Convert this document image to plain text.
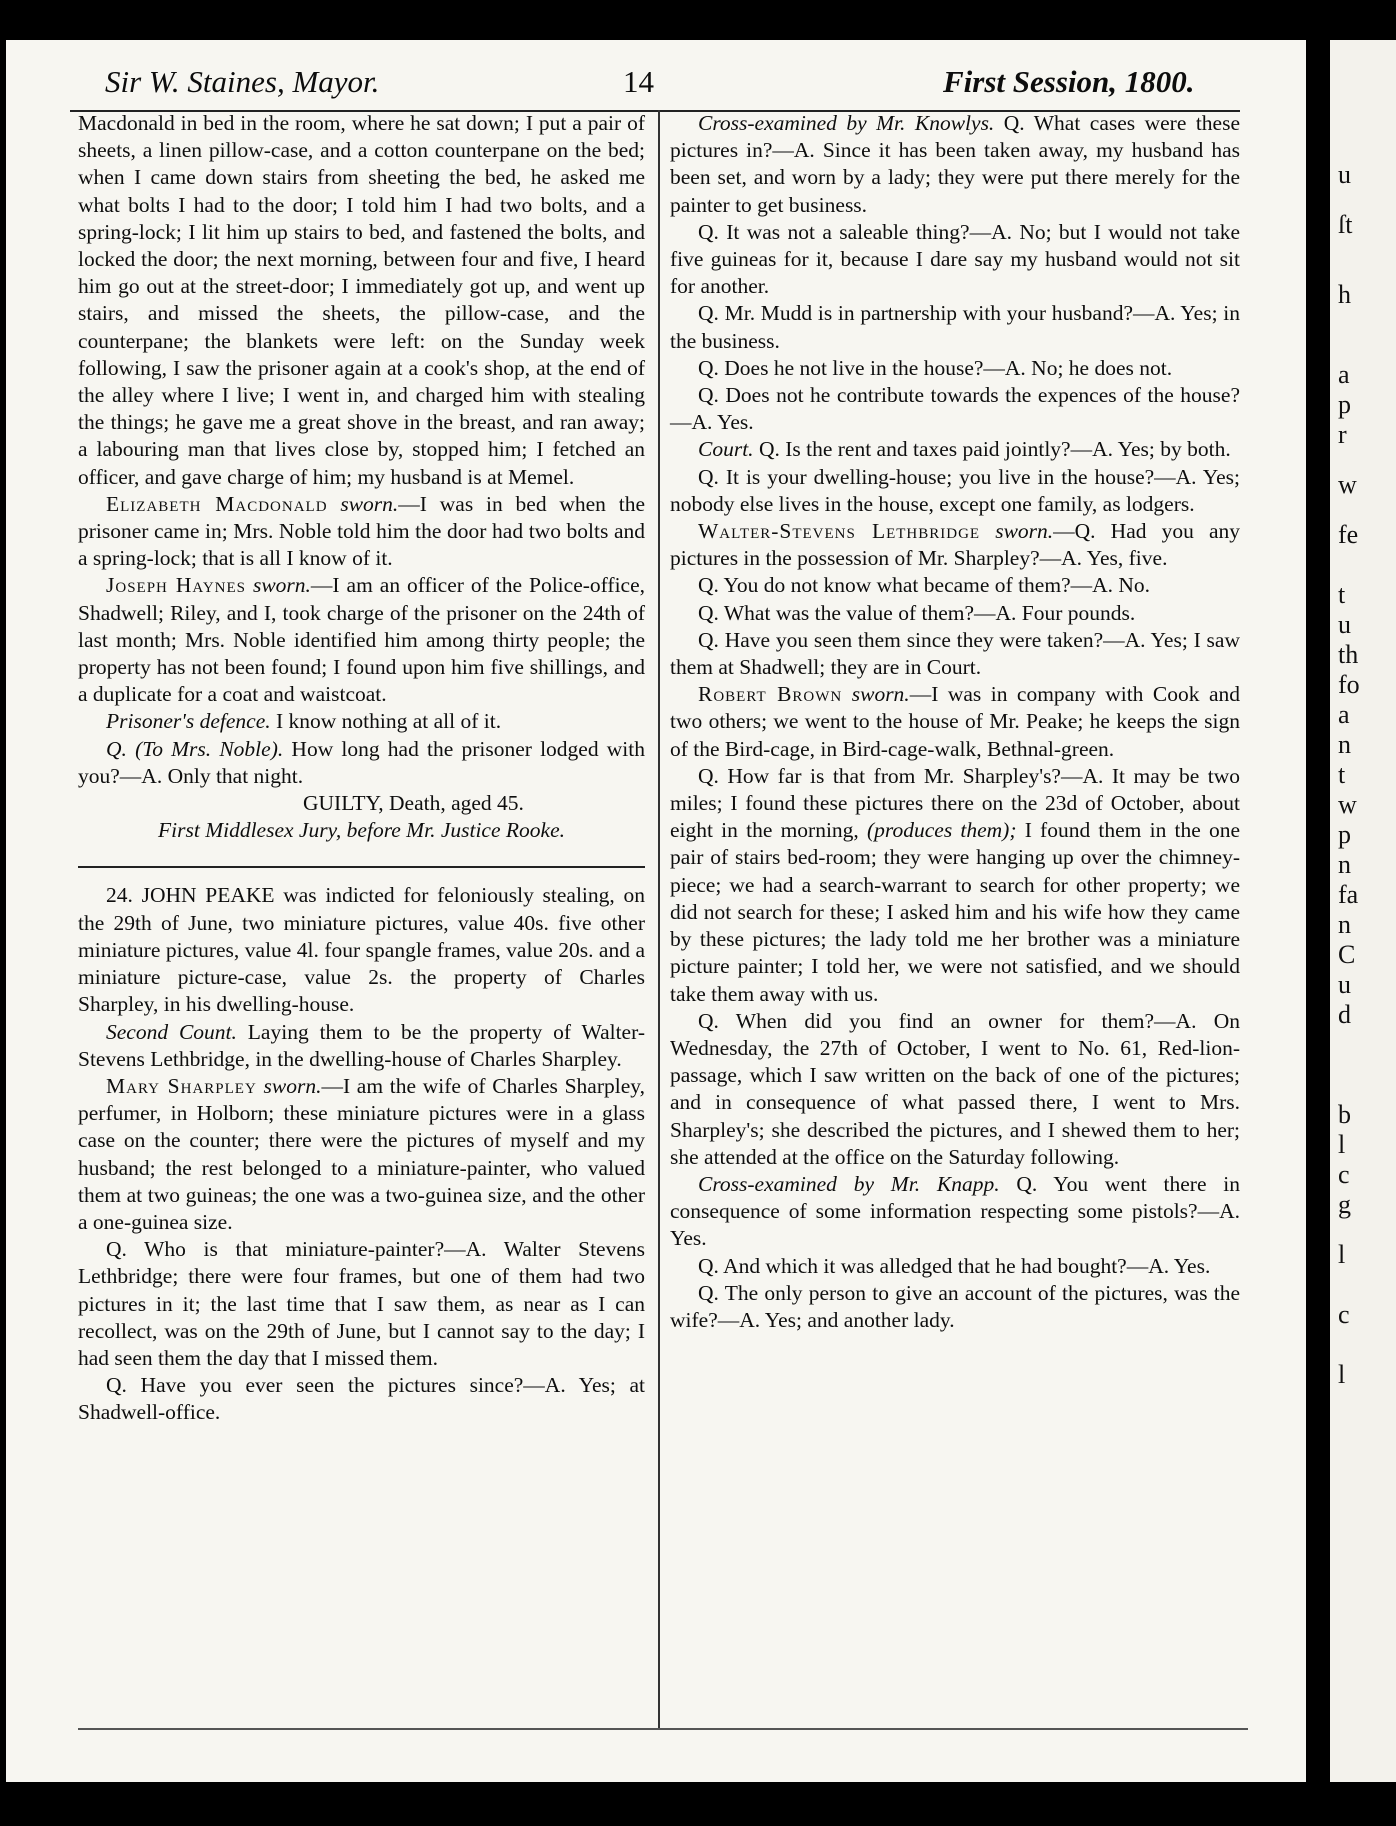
u
ſt
h
a
p
r
w
fe
t
u
th
fo
a
n
t
w
p
n
fa
n
C
u
d
b
l
c
g
l
c
l
Sir W. Staines, Mayor.	14	First Session, 1800.

Macdonald in bed in the room, where he sat down; I put a pair of sheets, a linen pillow-case, and a cotton counterpane on the bed; when I came down stairs from sheeting the bed, he asked me what bolts I had to the door; I told him I had two bolts, and a spring-lock; I lit him up stairs to bed, and fastened the bolts, and locked the door; the next morning, between four and five, I heard him go out at the street-door; I immediately got up, and went up stairs, and missed the sheets, the pillow-case, and the counterpane; the blankets were left: on the Sunday week following, I saw the prisoner again at a cook's shop, at the end of the alley where I live; I went in, and charged him with stealing the things; he gave me a great shove in the breast, and ran away; a labouring man that lives close by, stopped him; I fetched an officer, and gave charge of him; my husband is at Memel.

Elizabeth Macdonald sworn.—I was in bed when the prisoner came in; Mrs. Noble told him the door had two bolts and a spring-lock; that is all I know of it.

Joseph Haynes sworn.—I am an officer of the Police-office, Shadwell; Riley, and I, took charge of the prisoner on the 24th of last month; Mrs. Noble identified him among thirty people; the property has not been found; I found upon him five shillings, and a duplicate for a coat and waistcoat.

Prisoner's defence. I know nothing at all of it.

Q. (To Mrs. Noble). How long had the prisoner lodged with you?—A. Only that night.

GUILTY, Death, aged 45.

First Middlesex Jury, before Mr. Justice Rooke.

24. JOHN PEAKE was indicted for feloniously stealing, on the 29th of June, two miniature pictures, value 40s. five other miniature pictures, value 4l. four spangle frames, value 20s. and a miniature picture-case, value 2s. the property of Charles Sharpley, in his dwelling-house.

Second Count. Laying them to be the property of Walter-Stevens Lethbridge, in the dwelling-house of Charles Sharpley.

Mary Sharpley sworn.—I am the wife of Charles Sharpley, perfumer, in Holborn; these miniature pictures were in a glass case on the counter; there were the pictures of myself and my husband; the rest belonged to a miniature-painter, who valued them at two guineas; the one was a two-guinea size, and the other a one-guinea size.

Q. Who is that miniature-painter?—A. Walter Stevens Lethbridge; there were four frames, but one of them had two pictures in it; the last time that I saw them, as near as I can recollect, was on the 29th of June, but I cannot say to the day; I had seen them the day that I missed them.

Q. Have you ever seen the pictures since?—A. Yes; at Shadwell-office.

Cross-examined by Mr. Knowlys. Q. What cases were these pictures in?—A. Since it has been taken away, my husband has been set, and worn by a lady; they were put there merely for the painter to get business.

Q. It was not a saleable thing?—A. No; but I would not take five guineas for it, because I dare say my husband would not sit for another.

Q. Mr. Mudd is in partnership with your husband?—A. Yes; in the business.

Q. Does he not live in the house?—A. No; he does not.

Q. Does not he contribute towards the expences of the house?—A. Yes.

Court. Q. Is the rent and taxes paid jointly?—A. Yes; by both.

Q. It is your dwelling-house; you live in the house?—A. Yes; nobody else lives in the house, except one family, as lodgers.

Walter-Stevens Lethbridge sworn.—Q. Had you any pictures in the possession of Mr. Sharpley?—A. Yes, five.

Q. You do not know what became of them?—A. No.

Q. What was the value of them?—A. Four pounds.

Q. Have you seen them since they were taken?—A. Yes; I saw them at Shadwell; they are in Court.

Robert Brown sworn.—I was in company with Cook and two others; we went to the house of Mr. Peake; he keeps the sign of the Bird-cage, in Bird-cage-walk, Bethnal-green.

Q. How far is that from Mr. Sharpley's?—A. It may be two miles; I found these pictures there on the 23d of October, about eight in the morning, (produces them); I found them in the one pair of stairs bed-room; they were hanging up over the chimney-piece; we had a search-warrant to search for other property; we did not search for these; I asked him and his wife how they came by these pictures; the lady told me her brother was a miniature picture painter; I told her, we were not satisfied, and we should take them away with us.

Q. When did you find an owner for them?—A. On Wednesday, the 27th of October, I went to No. 61, Red-lion-passage, which I saw written on the back of one of the pictures; and in consequence of what passed there, I went to Mrs. Sharpley's; she described the pictures, and I shewed them to her; she attended at the office on the Saturday following.

Cross-examined by Mr. Knapp. Q. You went there in consequence of some information respecting some pistols?—A. Yes.

Q. And which it was alledged that he had bought?—A. Yes.

Q. The only person to give an account of the pictures, was the wife?—A. Yes; and another lady.
